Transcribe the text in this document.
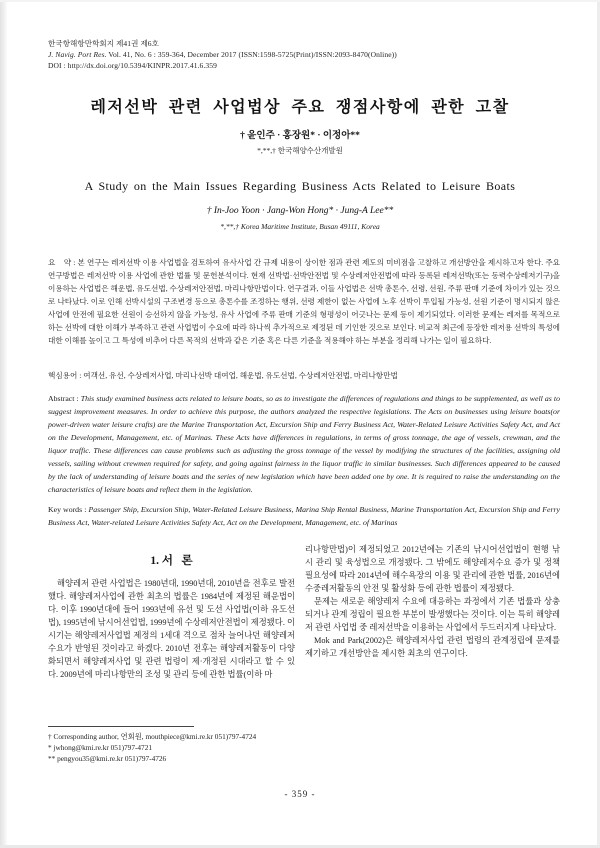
한국항해항만학회지 제41권 제6호
J. Navig. Port Res. Vol. 41, No. 6 : 359-364, December 2017 (ISSN:1598-5725(Print)/ISSN:2093-8470(Online))
DOI : http://dx.doi.org/10.5394/KINPR.2017.41.6.359
레저선박 관련 사업법상 주요 쟁점사항에 관한 고찰
† 윤인주 · 홍장원* · 이정아**
*,**,† 한국해양수산개발원
A Study on the Main Issues Regarding Business Acts Related to Leisure Boats
† In-Joo Yoon · Jang-Won Hong* · Jung-A Lee**
*,**,† Korea Maritime Institute, Busan 49111, Korea
요    약 : 본 연구는 레저선박 이용 사업법을 검토하여 유사사업 간 규제 내용이 상이한 점과 관련 제도의 미비점을 고찰하고 개선방안을 제시하고자 한다. 주요 연구방법은 레저선박 이용 사업에 관한 법률 및 문헌분석이다. 현재 선박법·선박안전법 및 수상레저안전법에 따라 등록된 레저선박(또는 동력수상레저기구)을 이용하는 사업법은 해운법, 유도선법, 수상레저안전법, 마리나항만법이다. 연구결과, 이들 사업법은 선박 총톤수, 선령, 선원, 주류 판매 기준에 차이가 있는 것으로 나타났다. 이로 인해 선박시설의 구조변경 등으로 총톤수를 조정하는 행위, 선령 제한이 없는 사업에 노후 선박이 투입될 가능성, 선원 기준이 명시되지 않은 사업에 안전에 필요한 선원이 승선하지 않을 가능성, 유사 사업에 주류 판매 기준의 형평성이 어긋나는 문제 등이 제기되었다. 이러한 문제는 레저를 목적으로 하는 선박에 대한 이해가 부족하고 관련 사업법이 수요에 따라 하나씩 추가적으로 제정된 데 기인한 것으로 보인다. 비교적 최근에 등장한 레저용 선박의 특성에 대한 이해를 높이고 그 특성에 비추어 다른 목적의 선박과 같은 기준 혹은 다른 기준을 적용해야 하는 부분을 정리해 나가는 일이 필요하다.
핵심용어 : 여객선, 유선, 수상레저사업, 마리나선박 대여업, 해운법, 유도선법, 수상레저안전법, 마리나항만법
Abstract : This study examined business acts related to leisure boats, so as to investigate the differences of regulations and things to be supplemented, as well as to suggest improvement measures. In order to achieve this purpose, the authors analyzed the respective legislations. The Acts on businesses using leisure boats(or power-driven water leisure crafts) are the Marine Transportation Act, Excursion Ship and Ferry Business Act, Water-Related Leisure Activities Safety Act, and Act on the Development, Management, etc. of Marinas. These Acts have differences in regulations, in terms of gross tonnage, the age of vessels, crewman, and the liquor traffic. These differences can cause problems such as adjusting the gross tonnage of the vessel by modifying the structures of the facilities, assigning old vessels, sailing without crewmen required for safety, and going against fairness in the liquor traffic in similar businesses. Such differences appeared to be caused by the lack of understanding of leisure boats and the series of new legislation which have been added one by one. It is required to raise the understanding on the characteristics of leisure boats and reflect them in the legislation.
Key words : Passenger Ship, Excursion Ship, Water-Related Leisure Business, Marina Ship Rental Business, Marine Transportation Act, Excursion Ship and Ferry Business Act, Water-related Leisure Activities Safety Act, Act on the Development, Management, etc. of Marinas
1. 서   론

해양레저 관련 사업법은 1980년대, 1990년대, 2010년을 전후로 발전했다. 해양레저사업에 관한 최초의 법률은 1984년에 제정된 해운법이다. 이후 1990년대에 들어 1993년에 유선 및 도선 사업법(이하 유도선법), 1995년에 낚시어선업법, 1999년에 수상레저안전법이 제정됐다. 이 시기는 해양레저사업법 제정의 1세대 격으로 점차 늘어나던 해양레저 수요가 반영된 것이라고 하겠다. 2010년 전후는 해양레저활동이 다양화되면서 해양레저사업 및 관련 법령이 제·개정된 시대라고 할 수 있다. 2009년에 마리나항만의 조성 및 관리 등에 관한 법률(이하 마

리나항만법)이 제정되었고 2012년에는 기존의 낚시어선업법이 현행 낚시 관리 및 육성법으로 개정됐다. 그 밖에도 해양레저수요 증가 및 정책 필요성에 따라 2014년에 해수욕장의 이용 및 관리에 관한 법률, 2016년에 수중레저활동의 안전 및 활성화 등에 관한 법률이 제정됐다.

문제는 새로운 해양레저 수요에 대응하는 과정에서 기존 법률과 상충되거나 관계 정립이 필요한 부분이 발생했다는 것이다. 이는 특히 해양레저 관련 사업법 중 레저선박을 이용하는 사업에서 두드러지게 나타났다.

Mok and Park(2002)은 해양레저사업 관련 법령의 관계정립에 문제를 제기하고 개선방안을 제시한 최초의 연구이다.

† Corresponding author, 연회원, mouthpiece@kmi.re.kr 051)797-4724
* jwhong@kmi.re.kr 051)797-4721
** pengyou35@kmi.re.kr 051)797-4726
- 359 -
